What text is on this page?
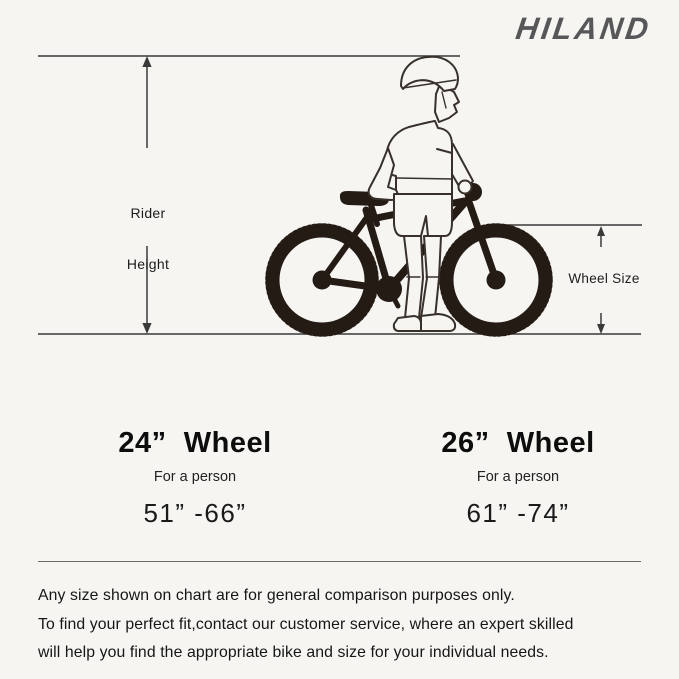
HILAND

Rider

Height

Wheel Size
24”  Wheel
For a person
51” -66”
26”  Wheel
For a person
61” -74”
Any size shown on chart are for general comparison purposes only.
To find your perfect fit,contact our customer service, where an expert skilled
will help you find the appropriate bike and size for your individual needs.
